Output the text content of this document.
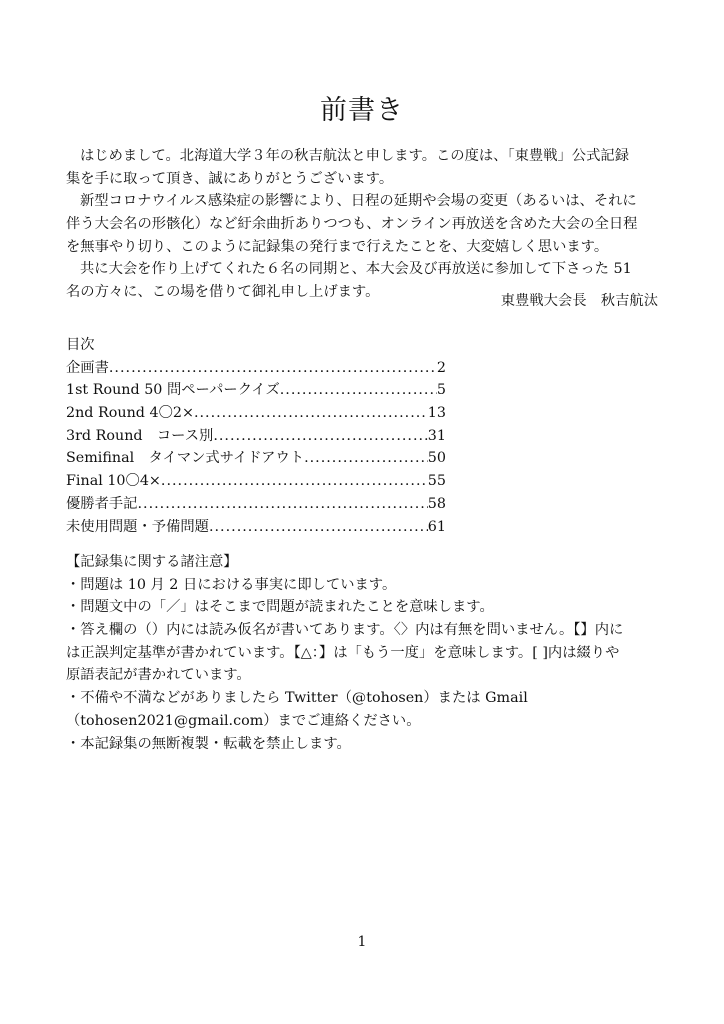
前書き
はじめまして。北海道大学３年の秋吉航汰と申します。この度は、「東豊戦」公式記録
集を手に取って頂き、誠にありがとうございます。
新型コロナウイルス感染症の影響により、日程の延期や会場の変更（あるいは、それに
伴う大会名の形骸化）など紆余曲折ありつつも、オンライン再放送を含めた大会の全日程
を無事やり切り、このように記録集の発行まで行えたことを、大変嬉しく思います。
共に大会を作り上げてくれた６名の同期と、本大会及び再放送に参加して下さった 51
名の方々に、この場を借りて御礼申し上げます。
東豊戦大会長　秋吉航汰
目次
企画書 .....	2
1st Round 50 問ペーパークイズ .....	5
2nd Round 4〇2× .....	13
3rd Round　コース別 .....	31
Semifinal　タイマン式サイドアウト .....	50
Final 10〇4× .....	55
優勝者手記 .....	58
未使用問題・予備問題 .....	61
【記録集に関する諸注意】
・問題は 10 月 2 日における事実に即しています。
・問題文中の「／」はそこまで問題が読まれたことを意味します。
・答え欄の（）内には読み仮名が書いてあります。〈〉内は有無を問いません。【】内に
は正誤判定基準が書かれています。【△：】は「もう一度」を意味します。[ ]内は綴りや
原語表記が書かれています。
・不備や不満などがありましたら Twitter（@tohosen）または Gmail
（tohosen2021@gmail.com）までご連絡ください。
・本記録集の無断複製・転載を禁止します。
1
